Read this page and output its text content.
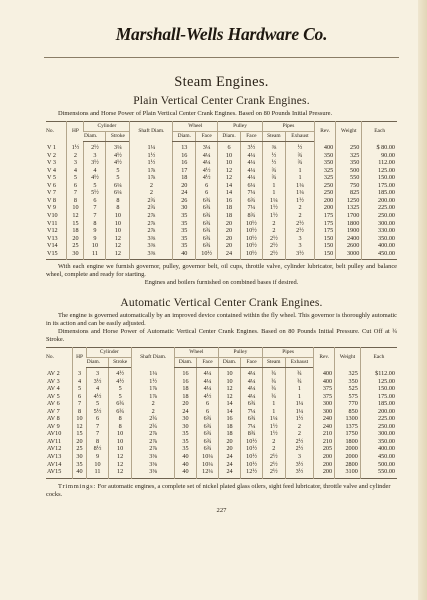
Marshall-Wells Hardware Co.
Steam Engines.
Plain Vertical Center Crank Engines.

Dimensions and Horse Power of Plain Vertical Center Crank Engines. Based on 80 Pounds Initial Pressure.

No.	HP	Cylinder		Shaft Diam.	Wheel		Pulley		Pipes		Rev.	Weight	Each
		Diam.	Stroke		Diam.	Face	Diam.	Face	Steam	Exhaust			
V 1	1½	2½	3¼	1¼	13	3¼	6	3½	⅜	½	400	250	$ 80.00
V 2	2	3	4½	1½	16	4¼	10	4¼	½	¾	350	325	90.00
V 3	3	3½	4½	1½	16	4¼	10	4¼	½	¾	350	350	112.00
V 4	4	4	5	1⅞	17	4½	12	4¼	¾	1	325	500	125.00
V 5	5	4½	5	1⅞	18	4½	12	4¼	¾	1	325	550	150.00
V 6	6	5	6¼	2	20	6	14	6¼	1	1¼	250	750	175.00
V 7	7	5½	6¼	2	24	6	14	7¼	1	1¼	250	825	185.00
V 8	8	6	8	2¾	26	6¾	16	6¾	1¼	1½	200	1250	200.00
V 9	10	7	8	2¾	30	6¾	18	7¼	1½	2	200	1325	225.00
V10	12	7	10	2⅞	35	6¾	18	8¾	1½	2	175	1700	250.00
V11	15	8	10	2⅞	35	6¾	20	10½	2	2½	175	1800	300.00
V12	18	9	10	2⅞	35	6¾	20	10½	2	2½	175	1900	330.00
V13	20	9	12	3⅜	35	6¾	20	10½	2½	3	150	2400	350.00
V14	25	10	12	3⅜	35	6¾	20	10½	2½	3	150	2600	400.00
V15	30	11	12	3⅜	40	10½	24	10½	2½	3½	150	3000	450.00

With each engine we furnish governor, pulley, governor belt, oil cups, throttle valve, cylinder lubricator, belt pulley and balance wheel, complete and ready for starting.

Engines and boilers furnished on combined bases if desired.

Automatic Vertical Center Crank Engines.

The engine is governed automatically by an improved device contained within the fly wheel. This governor is thoroughly automatic in its action and can be easily adjusted.

Dimensions and Horse Power of Automatic Vertical Center Crank Engines. Based on 80 Pounds Initial Pressure. Cut Off at ¾ Stroke.

No.	HP	Cylinder		Shaft Diam.	Wheel		Pulley		Pipes		Rev.	Weight	Each
		Diam.	Stroke		Diam.	Face	Diam.	Face	Steam	Exhaust			
AV 2	3	3	4½	1¼	16	4¼	10	4¼	¾	¾	400	325	$112.00
AV 3	4	3½	4½	1½	16	4¼	10	4¼	¾	¾	400	350	125.00
AV 4	5	4	5	1⅞	18	4¼	12	4¼	¾	1	375	525	150.00
AV 5	6	4½	5	1⅞	18	4½	12	4¼	¾	1	375	575	175.00
AV 6	7	5	6¾	2	20	6	14	6¾	1	1¼	300	770	185.00
AV 7	8	5½	6¾	2	24	6	14	7¼	1	1¼	300	850	200.00
AV 8	10	6	8	2¾	30	6¾	16	6¾	1¼	1½	240	1300	225.00
AV 9	12	7	8	2¾	30	6¾	18	7¼	1½	2	240	1375	250.00
AV10	15	7	10	2⅞	35	6¾	18	8¾	1½	2	210	1750	300.00
AV11	20	8	10	2⅞	35	6¾	20	10½	2	2½	210	1800	350.00
AV12	25	8½	10	2⅞	35	6¾	20	10½	2	2½	205	2000	400.00
AV13	30	9	12	3⅜	40	10¼	24	10½	2½	3	200	2000	450.00
AV14	35	10	12	3⅜	40	10¼	24	10½	2½	3½	200	2800	500.00
AV15	40	11	12	3⅜	40	12¼	24	12½	2½	3½	200	3100	550.00
Trimmings: For automatic engines, a complete set of nickel plated glass oilers, sight feed lubricator, throttle valve and cylinder cocks.
227
